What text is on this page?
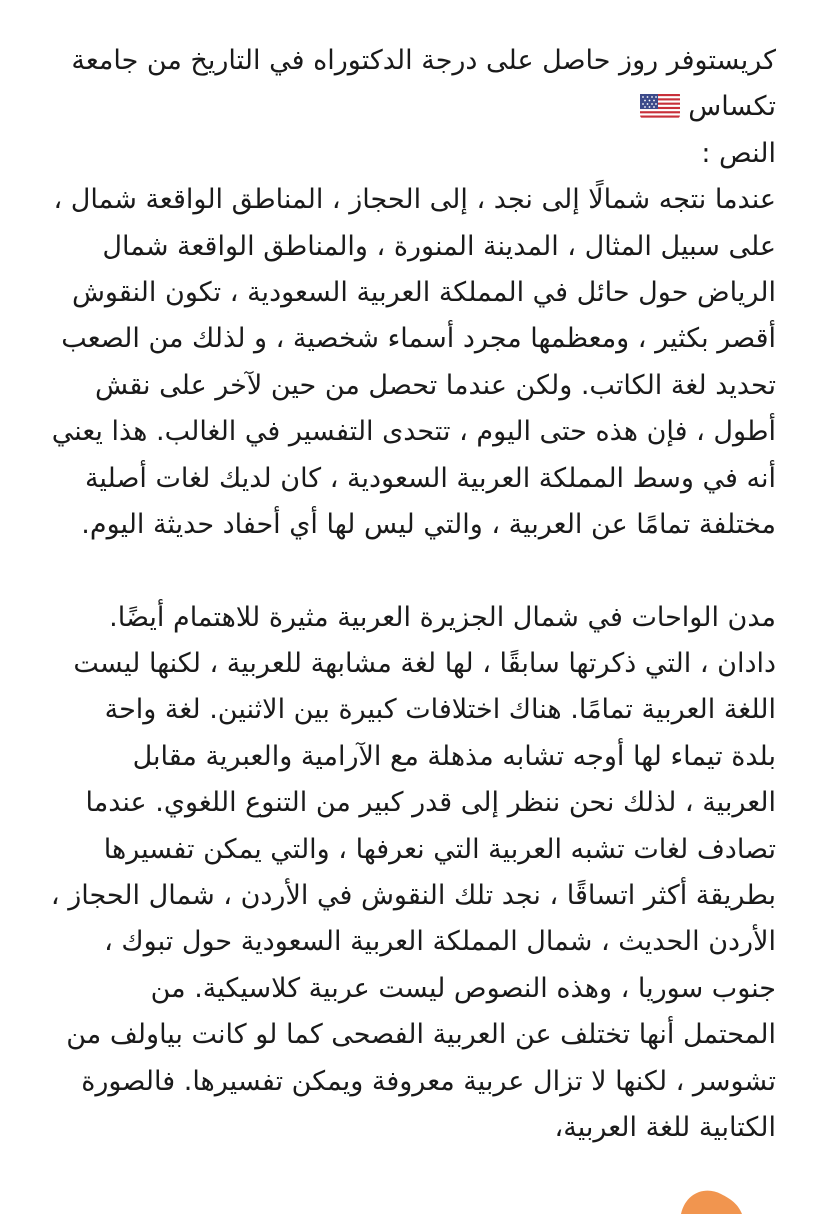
كريستوفر روز حاصل على درجة الدكتوراه في التاريخ من جامعة
تكساس
النص :
عندما نتجه شمالًا إلى نجد ، إلى الحجاز ، المناطق الواقعة شمال ،
على سبيل المثال ، المدينة المنورة ، والمناطق الواقعة شمال
الرياض حول حائل في المملكة العربية السعودية ، تكون النقوش
أقصر بكثير ، ومعظمها مجرد أسماء شخصية ، و لذلك من الصعب
تحديد لغة الكاتب. ولكن عندما تحصل من حين لآخر على نقش
أطول ، فإن هذه حتى اليوم ، تتحدى التفسير في الغالب. هذا يعني
أنه في وسط المملكة العربية السعودية ، كان لديك لغات أصلية
مختلفة تمامًا عن العربية ، والتي ليس لها أي أحفاد حديثة اليوم.
مدن الواحات في شمال الجزيرة العربية مثيرة للاهتمام أيضًا.
دادان ، التي ذكرتها سابقًا ، لها لغة مشابهة للعربية ، لكنها ليست
اللغة العربية تمامًا. هناك اختلافات كبيرة بين الاثنين. لغة واحة
بلدة تيماء لها أوجه تشابه مذهلة مع الآرامية والعبرية مقابل
العربية ، لذلك نحن ننظر إلى قدر كبير من التنوع اللغوي. عندما
تصادف لغات تشبه العربية التي نعرفها ، والتي يمكن تفسيرها
بطريقة أكثر اتساقًا ، نجد تلك النقوش في الأردن ، شمال الحجاز ،
الأردن الحديث ، شمال المملكة العربية السعودية حول تبوك ،
جنوب سوريا ، وهذه النصوص ليست عربية كلاسيكية. من
المحتمل أنها تختلف عن العربية الفصحى كما لو كانت بياولف من
تشوسر ، لكنها لا تزال عربية معروفة ويمكن تفسيرها. فالصورة
الكتابية للغة العربية،
